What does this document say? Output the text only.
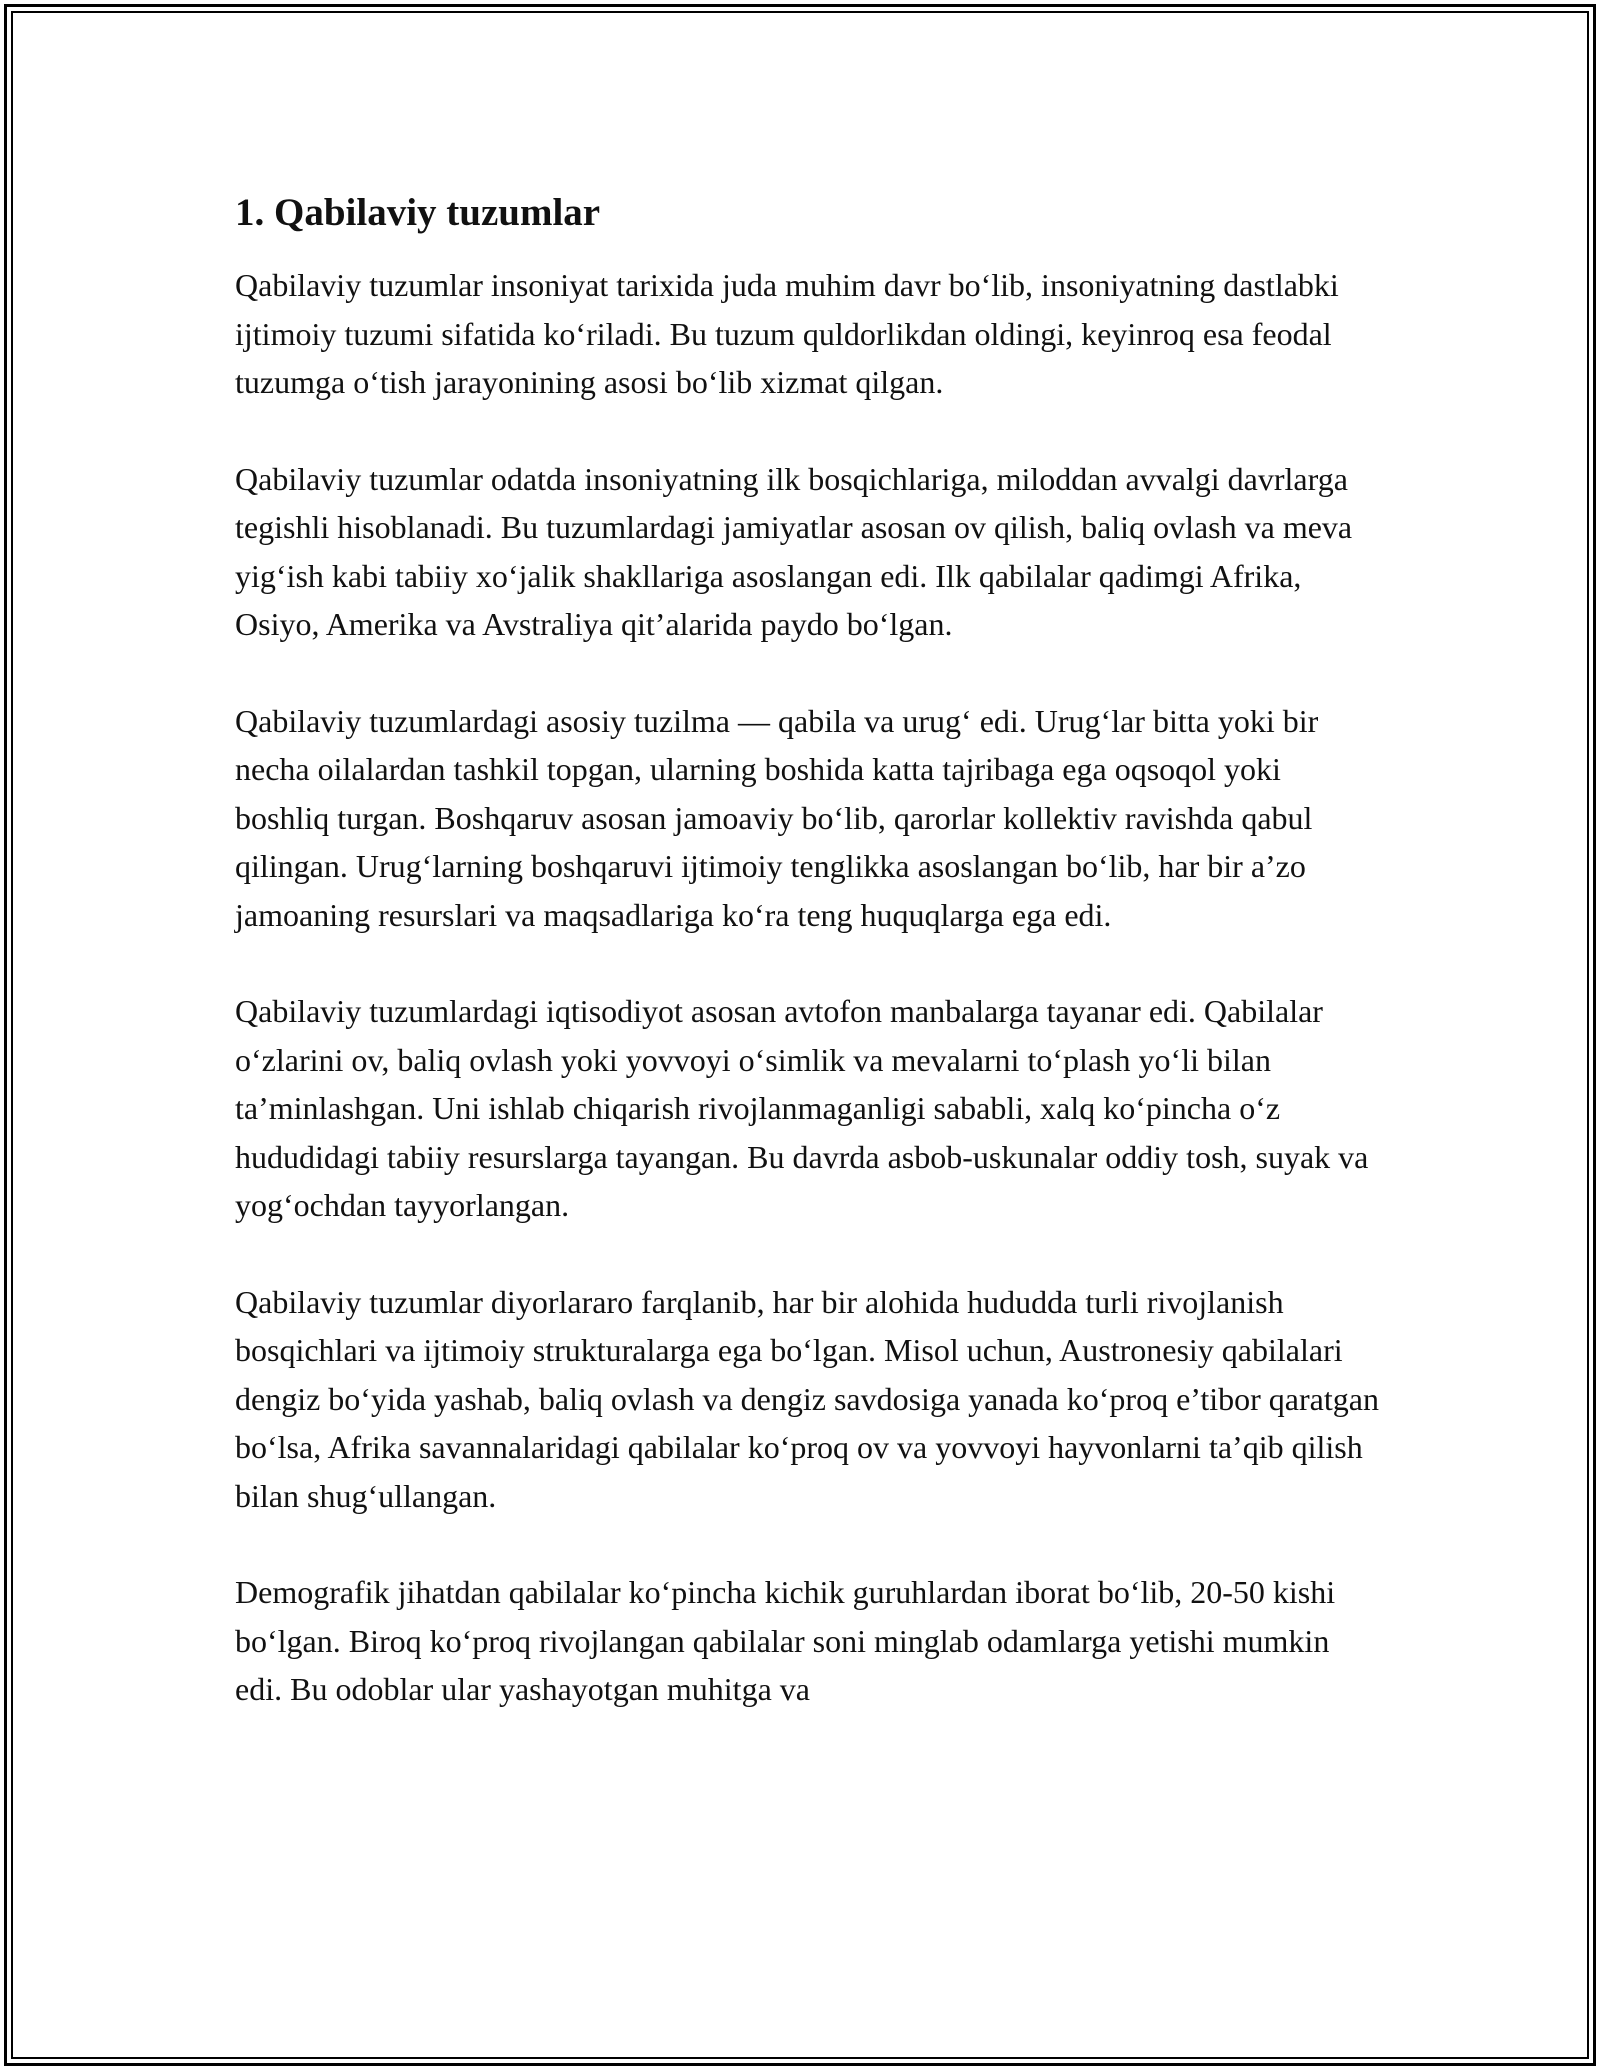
1. Qabilaviy tuzumlar

Qabilaviy tuzumlar insoniyat tarixida juda muhim davr bo‘lib, insoniyatning dastlabki ijtimoiy tuzumi sifatida ko‘riladi. Bu tuzum quldorlikdan oldingi, keyinroq esa feodal tuzumga o‘tish jarayonining asosi bo‘lib xizmat qilgan.

Qabilaviy tuzumlar odatda insoniyatning ilk bosqichlariga, miloddan avvalgi davrlarga tegishli hisoblanadi. Bu tuzumlardagi jamiyatlar asosan ov qilish, baliq ovlash va meva yig‘ish kabi tabiiy xo‘jalik shakllariga asoslangan edi. Ilk qabilalar qadimgi Afrika, Osiyo, Amerika va Avstraliya qit’alarida paydo bo‘lgan.

Qabilaviy tuzumlardagi asosiy tuzilma — qabila va urug‘ edi. Urug‘lar bitta yoki bir necha oilalardan tashkil topgan, ularning boshida katta tajribaga ega oqsoqol yoki boshliq turgan. Boshqaruv asosan jamoaviy bo‘lib, qarorlar kollektiv ravishda qabul qilingan. Urug‘larning boshqaruvi ijtimoiy tenglikka asoslangan bo‘lib, har bir a’zo jamoaning resurslari va maqsadlariga ko‘ra teng huquqlarga ega edi.

Qabilaviy tuzumlardagi iqtisodiyot asosan avtofon manbalarga tayanar edi. Qabilalar o‘zlarini ov, baliq ovlash yoki yovvoyi o‘simlik va mevalarni to‘plash yo‘li bilan ta’minlashgan. Uni ishlab chiqarish rivojlanmaganligi sababli, xalq ko‘pincha o‘z hududidagi tabiiy resurslarga tayangan. Bu davrda asbob-uskunalar oddiy tosh, suyak va yog‘ochdan tayyorlangan.

Qabilaviy tuzumlar diyorlararo farqlanib, har bir alohida hududda turli rivojlanish bosqichlari va ijtimoiy strukturalarga ega bo‘lgan. Misol uchun, Austronesiy qabilalari dengiz bo‘yida yashab, baliq ovlash va dengiz savdosiga yanada ko‘proq e’tibor qaratgan bo‘lsa, Afrika savannalaridagi qabilalar ko‘proq ov va yovvoyi hayvonlarni ta’qib qilish bilan shug‘ullangan.

Demografik jihatdan qabilalar ko‘pincha kichik guruhlardan iborat bo‘lib, 20-50 kishi bo‘lgan. Biroq ko‘proq rivojlangan qabilalar soni minglab odamlarga yetishi mumkin edi. Bu odoblar ular yashayotgan muhitga va
